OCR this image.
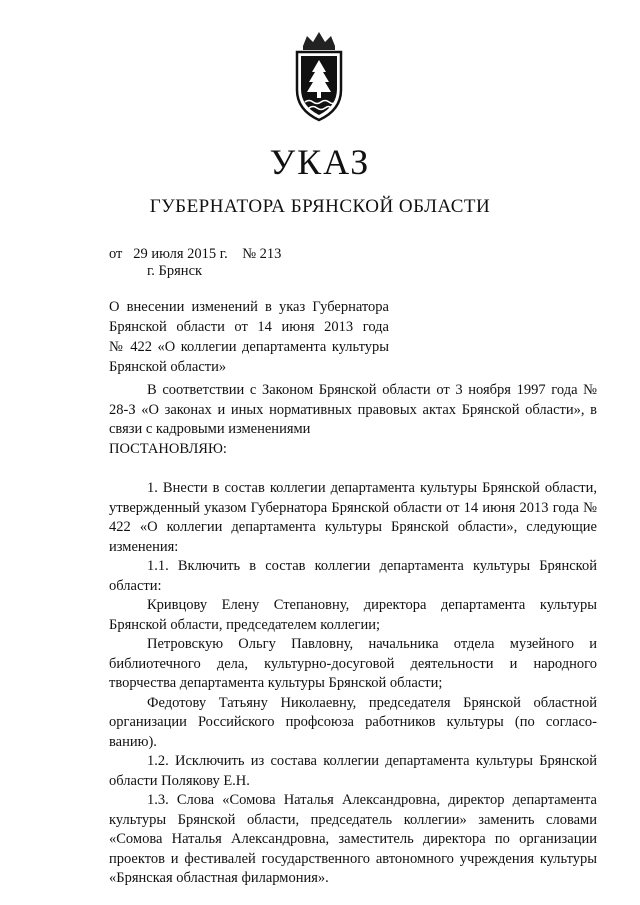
УКАЗ
ГУБЕРНАТОРА БРЯНСКОЙ ОБЛАСТИ
от   29 июля 2015 г.    № 213
г. Брянск
О внесении изменений в указ Губернатора
Брянской области от 14 июня 2013 года
№ 422 «О коллегии департамента культуры
Брянской области»

В соответствии с Законом Брянской области от 3 ноября 1997 года № 28-З «О законах и иных нормативных правовых актах Брянской области», в связи с кадровыми изменениями

ПОСТАНОВЛЯЮ:

1. Внести в состав коллегии департамента культуры Брянской области, утвержденный указом Губернатора Брянской области от 14 июня 2013 года № 422 «О коллегии департамента культуры Брянской области», следующие изменения:

1.1. Включить в состав коллегии департамента культуры Брянской области:

Кривцову Елену Степановну, директора департамента культуры Брянской области, председателем коллегии;

Петровскую Ольгу Павловну, начальника отдела музейного и библиотечного дела, культурно-досуговой деятельности и народного творчества департамента культуры Брянской области;

Федотову Татьяну Николаевну, председателя Брянской областной организации Российского профсоюза работников культуры (по согласо-ванию).

1.2. Исключить из состава коллегии департамента культуры Брянской области Полякову Е.Н.

1.3. Слова «Сомова Наталья Александровна, директор департамента культуры Брянской области, председатель коллегии» заменить словами «Сомова Наталья Александровна, заместитель директора по организации проектов и фестивалей государственного автономного учреждения культуры «Брянская областная филармония».
